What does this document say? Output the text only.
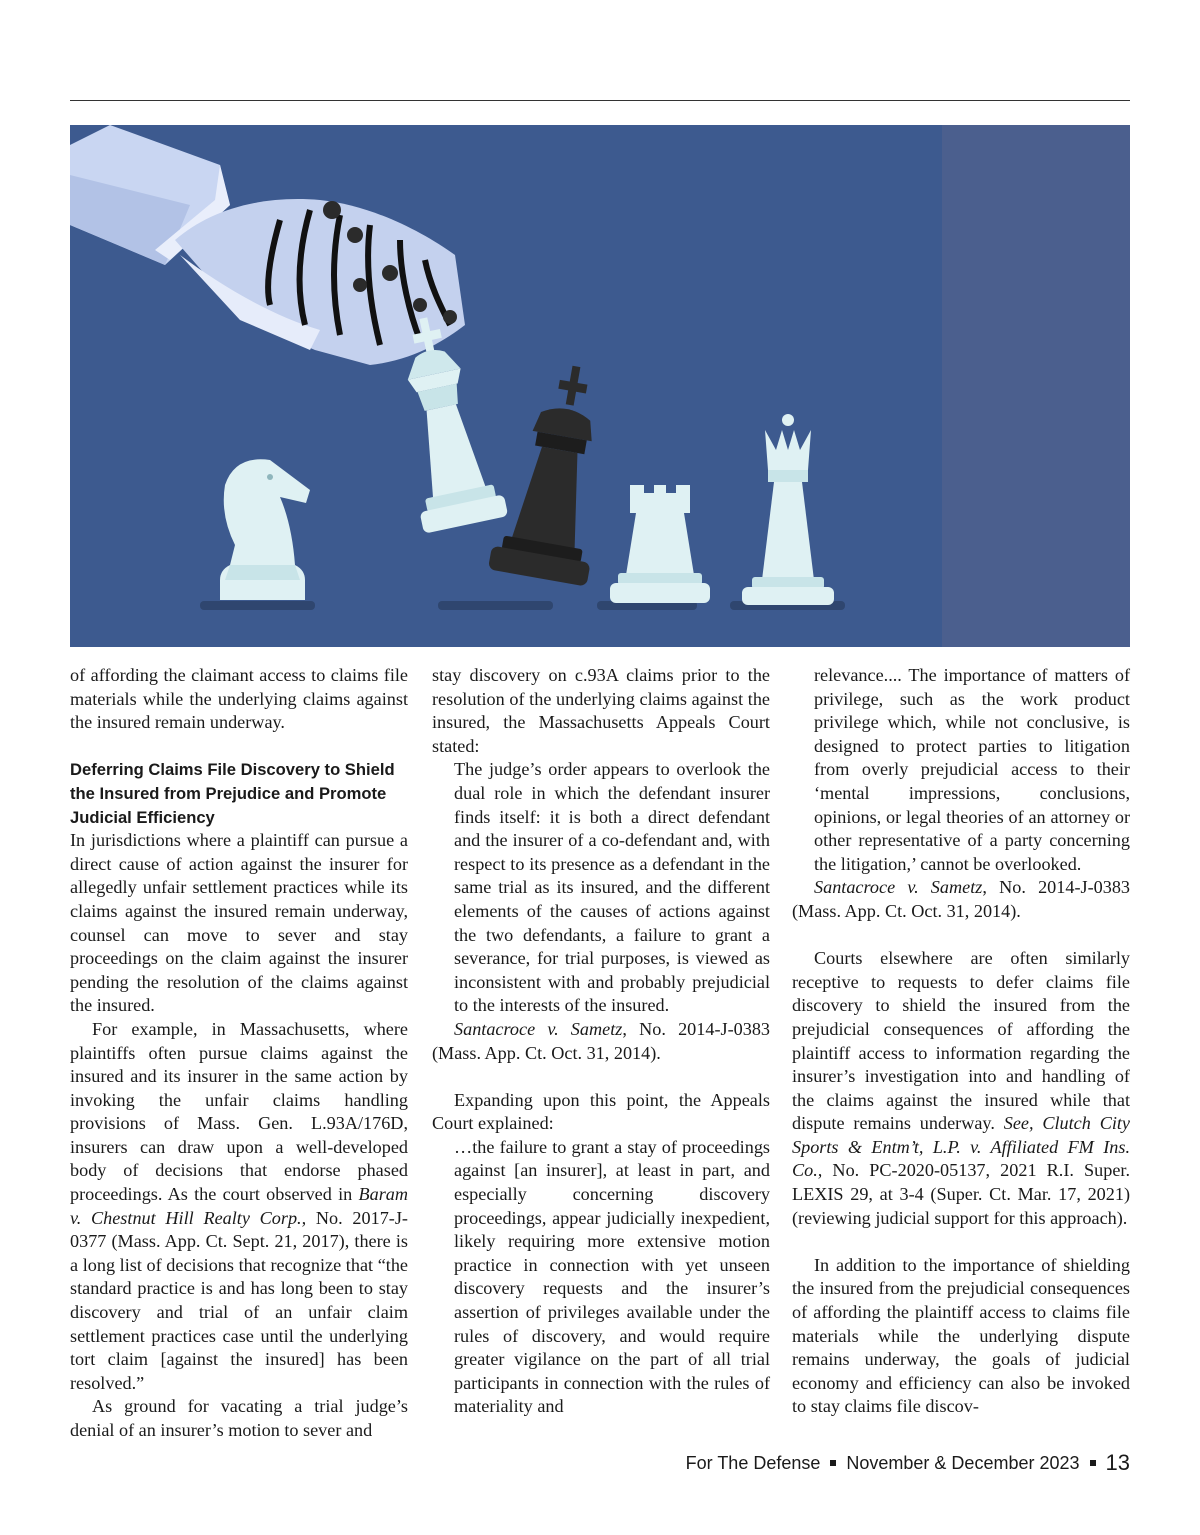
of affording the claimant access to claims file materials while the underlying claims against the insured remain underway.

Deferring Claims File Discovery to Shield the Insured from Prejudice and Promote Judicial Efficiency

In jurisdictions where a plaintiff can pursue a direct cause of action against the insurer for allegedly unfair settlement practices while its claims against the insured remain underway, counsel can move to sever and stay proceedings on the claim against the insurer pending the resolution of the claims against the insured.

For example, in Massachusetts, where plaintiffs often pursue claims against the insured and its insurer in the same action by invoking the unfair claims handling provisions of Mass. Gen. L.93A/176D, insurers can draw upon a well-developed body of decisions that endorse phased proceedings. As the court observed in Baram v. Chestnut Hill Realty Corp., No. 2017-J-0377 (Mass. App. Ct. Sept. 21, 2017), there is a long list of decisions that recognize that “the standard practice is and has long been to stay discovery and trial of an unfair claim settlement practices case until the underlying tort claim [against the insured] has been resolved.”

As ground for vacating a trial judge’s denial of an insurer’s motion to sever and

stay discovery on c.93A claims prior to the resolution of the underlying claims against the insured, the Massachusetts Appeals Court stated:

The judge’s order appears to overlook the dual role in which the defendant insurer finds itself: it is both a direct defendant and the insurer of a co-defendant and, with respect to its presence as a defendant in the same trial as its insured, and the different elements of the causes of actions against the two defendants, a failure to grant a severance, for trial purposes, is viewed as inconsistent with and probably prejudicial to the interests of the insured.

Santacroce v. Sametz, No. 2014-J-0383 (Mass. App. Ct. Oct. 31, 2014).

Expanding upon this point, the Appeals Court explained:

…the failure to grant a stay of proceedings against [an insurer], at least in part, and especially concerning discovery proceedings, appear judicially inexpedient, likely requiring more extensive motion practice in connection with yet unseen discovery requests and the insurer’s assertion of privileges available under the rules of discovery, and would require greater vigilance on the part of all trial participants in connection with the rules of materiality and

relevance.... The importance of matters of privilege, such as the work product privilege which, while not conclusive, is designed to protect parties to litigation from overly prejudicial access to their ‘mental impressions, conclusions, opinions, or legal theories of an attorney or other representative of a party concerning the litigation,’ cannot be overlooked.

Santacroce v. Sametz, No. 2014-J-0383 (Mass. App. Ct. Oct. 31, 2014).

Courts elsewhere are often similarly receptive to requests to defer claims file discovery to shield the insured from the prejudicial consequences of affording the plaintiff access to information regarding the insurer’s investigation into and handling of the claims against the insured while that dispute remains underway. See, Clutch City Sports & Entm’t, L.P. v. Affiliated FM Ins. Co., No. PC-2020-05137, 2021 R.I. Super. LEXIS 29, at 3-4 (Super. Ct. Mar. 17, 2021) (reviewing judicial support for this approach).

In addition to the importance of shielding the insured from the prejudicial consequences of affording the plaintiff access to claims file materials while the underlying dispute remains underway, the goals of judicial economy and efficiency can also be invoked to stay claims file discov-

For The Defense November & December 2023 13
